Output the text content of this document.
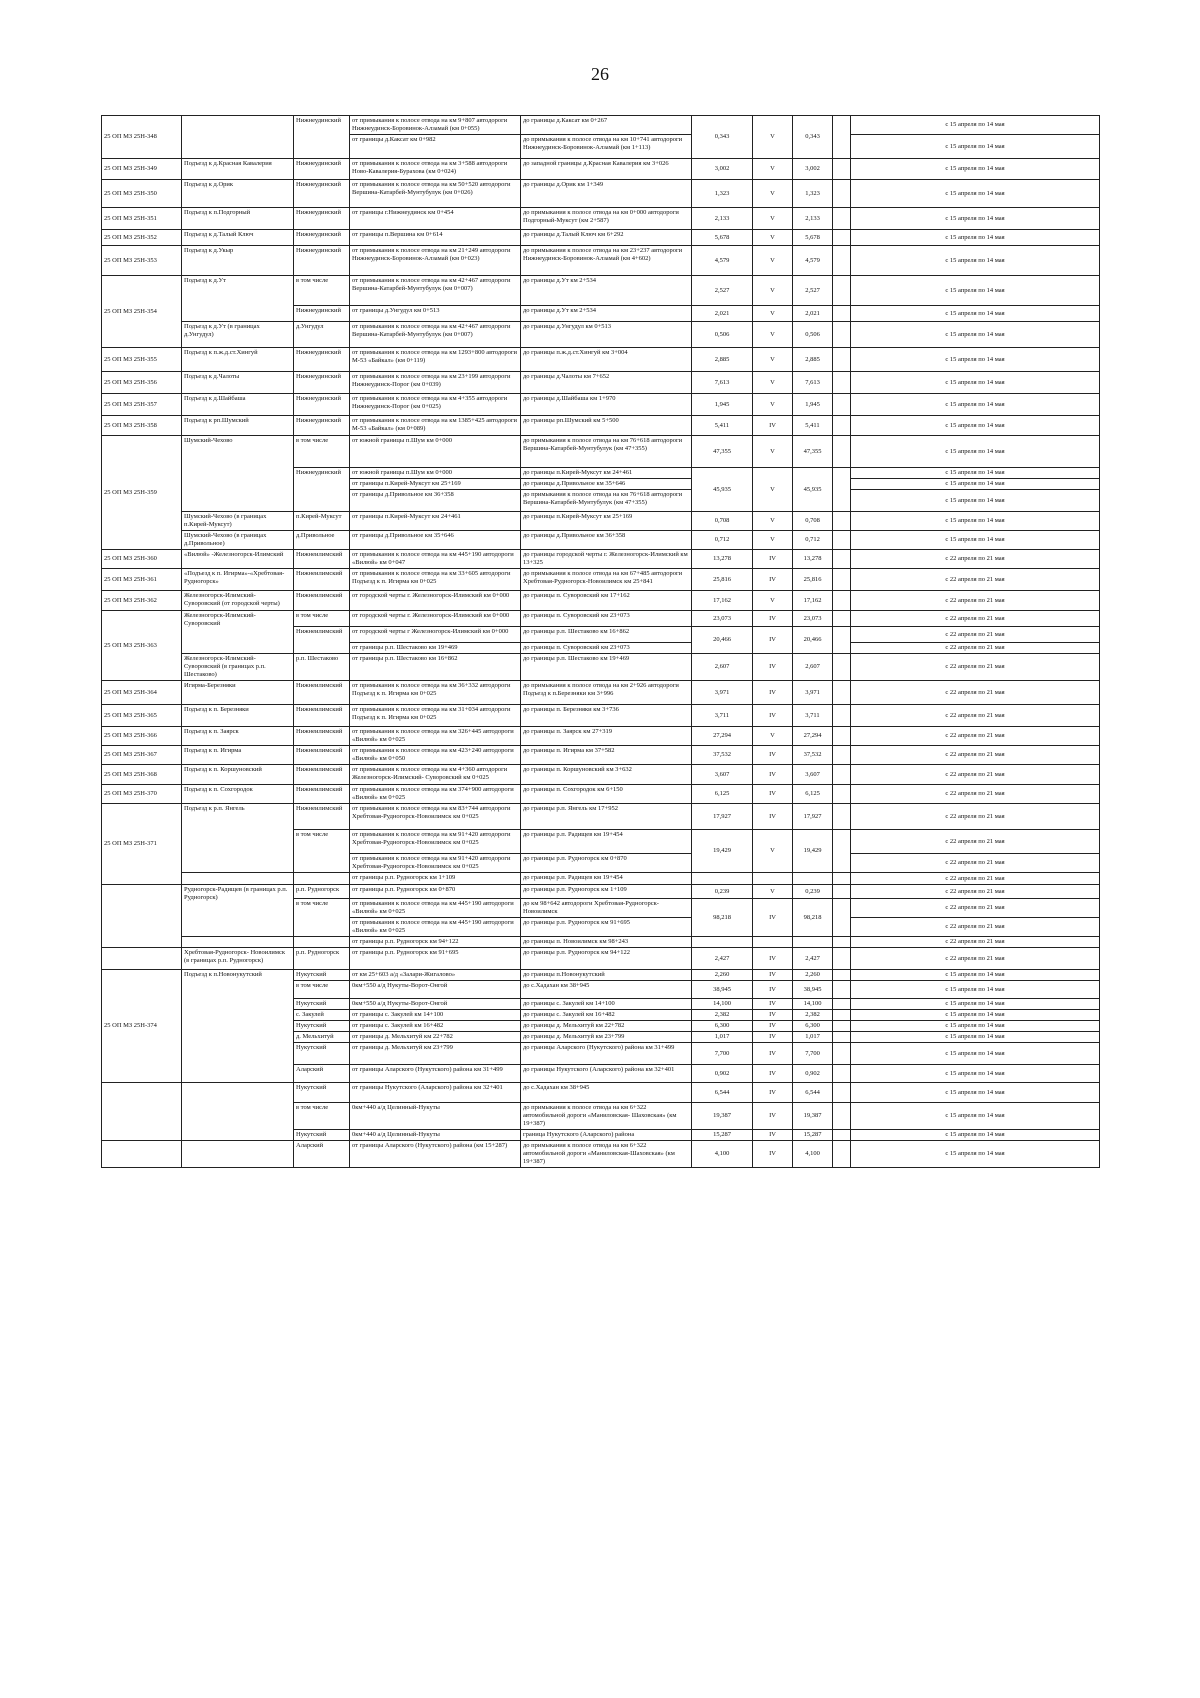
26
25 ОП МЗ 25Н-348		Нижнеудинский	от примыкания к полосе отвода на км 9+807 автодороги Нижнеудинск-Боровинок-Алзамай (км 0+055)	до границы д.Каксат км 0+267	0,343	V	0,343		с 15 апреля по 14 мая
			от границы д.Каксат км 0+982	до примыкания к полосе отвода на км 10+741 автодороги Нижнеудинск-Боровинок-Алзамай (км 1+113)					с 15 апреля по 14 мая
25 ОП МЗ 25Н-349	Подъезд к д.Красная Кавалерия	Нижнеудинский	от примыкания к полосе отвода на км 3+588 автодороги Ново-Кавалерия-Бурахова (км 0+024)	до западной границы д.Красная Кавалерия км 3+026	3,002	V	3,002		с 15 апреля по 14 мая
25 ОП МЗ 25Н-350	Подъезд к д.Орик	Нижнеудинский	от примыкания к полосе отвода на км 50+520 автодороги Вершина-Катарбей-Мунтубулук (км 0+026)	до границы д.Орик км 1+349	1,323	V	1,323		с 15 апреля по 14 мая
25 ОП МЗ 25Н-351	Подъезд к п.Подгорный	Нижнеудинский	от границы г.Нижнеудинск км 0+454	до примыкания к полосе отвода на км 0+000 автодороги Подгорный-Муксут (км 2+587)	2,133	V	2,133		с 15 апреля по 14 мая
25 ОП МЗ 25Н-352	Подъезд к д.Талый Ключ	Нижнеудинский	от границы п.Вершина км 0+614	до границы д.Талый Ключ км 6+292	5,678	V	5,678		с 15 апреля по 14 мая
25 ОП МЗ 25Н-353	Подъезд к д.Укыр	Нижнеудинский	от примыкания к полосе отвода на км 21+249 автодороги Нижнеудинск-Боровинок-Алзамай (км 0+023)	до примыкания к полосе отвода на км 23+237 автодороги Нижнеудинск-Боровинок-Алзамай (км 4+602)	4,579	V	4,579		с 15 апреля по 14 мая
25 ОП МЗ 25Н-354	Подъезд к д.Ут	в том числе	от примыкания к полосе отвода на км 42+467 автодороги Вершина-Катарбей-Мунтубулук (км 0+007)	до границы д.Ут км 2+534	2,527	V	2,527		с 15 апреля по 14 мая
		Нижнеудинский	от границы д.Унгудул км 0+513	до границы д.Ут км 2+534	2,021	V	2,021		с 15 апреля по 14 мая
	Подъезд к д.Ут (в границах д.Унгудул)	д.Унгудул	от примыкания к полосе отвода на км 42+467 автодороги Вершина-Катарбей-Мунтубулук (км 0+007)	до границы д.Унгудул км 0+513	0,506	V	0,506		с 15 апреля по 14 мая
25 ОП МЗ 25Н-355	Подъезд к п.ж.д.ст.Хингуй	Нижнеудинский	от примыкания к полосе отвода на км 1293+800 автодороги М-53 «Байкал» (км 0+119)	до границы п.ж.д.ст.Хингуй км 3+004	2,885	V	2,885		с 15 апреля по 14 мая
25 ОП МЗ 25Н-356	Подъезд к д.Чалоты	Нижнеудинский	от примыкания к полосе отвода на км 23+199 автодороги Нижнеудинск-Порог (км 0+039)	до границы д.Чалоты км 7+652	7,613	V	7,613		с 15 апреля по 14 мая
25 ОП МЗ 25Н-357	Подъезд к д.Шайбаша	Нижнеудинский	от примыкания к полосе отвода на км 4+355 автодороги Нижнеудинск-Порог (км 0+025)	до границы д.Шайбаша км 1+970	1,945	V	1,945		с 15 апреля по 14 мая
25 ОП МЗ 25Н-358	Подъезд к рп.Шумский	Нижнеудинский	от примыкания к полосе отвода на км 1385+425 автодороги М-53 «Байкал» (км 0+089)	до границы рп.Шумский км 5+500	5,411	IV	5,411		с 15 апреля по 14 мая
25 ОП МЗ 25Н-359	Шумский-Чехово	в том числе	от южной границы п.Шум км 0+000	до примыкания к полосе отвода на км 76+618 автодороги Вершина-Катарбей-Мунтубулук (км 47+355)	47,355	V	47,355		с 15 апреля по 14 мая
		Нижнеудинский	от южной границы п.Шум км 0+000	до границы п.Кирей-Муксут км 24+461	45,935	V	45,935		с 15 апреля по 14 мая
			от границы п.Кирей-Муксут км 25+169	до границы д.Привольное км 35+646					с 15 апреля по 14 мая
			от границы д.Привольное км 36+358	до примыкания к полосе отвода на км 76+618 автодороги Вершина-Катарбей-Мунтубулук (км 47+355)					с 15 апреля по 14 мая
	Шумский-Чехово (в границах п.Кирей-Муксут)	п.Кирей-Муксут	от границы п.Кирей-Муксут км 24+461	до границы п.Кирей-Муксут км 25+169	0,708	V	0,708		с 15 апреля по 14 мая
	Шумский-Чехово (в границах д.Привольное)	д.Привольное	от границы д.Привольное км 35+646	до границы д.Привольное км 36+358	0,712	V	0,712		с 15 апреля по 14 мая
25 ОП МЗ 25Н-360	«Вилюй» -Железногорск-Илимский	Нижнеилимский	от примыкания к полосе отвода на км 445+190 автодороги «Вилюй» км 0+047	до границы городской черты г. Железногорск-Илимский км 13+325	13,278	IV	13,278		с 22 апреля по 21 мая
25 ОП МЗ 25Н-361	«Подъезд к п. Игирма»-«Хребтовая-Рудногорск»	Нижнеилимский	от примыкания к полосе отвода на км 33+605 автодороги Подъезд к п. Игирма км 0+025	до примыкания к полосе отвода на км 67+485 автодороги Хребтовая-Рудногорск-Новоилимск км 25+841	25,816	IV	25,816		с 22 апреля по 21 мая
25 ОП МЗ 25Н-362	Железногорск-Илимский-Суворовский (от городской черты)	Нижнеилимский	от городской черты г. Железногорск-Илимский км 0+000	до границы п. Суворовский км 17+162	17,162	V	17,162		с 22 апреля по 21 мая
25 ОП МЗ 25Н-363	Железногорск-Илимский-Суворовский	в том числе	от городской черты г. Железногорск-Илимский км 0+000	до границы п. Суворовский км 23+073	23,073	IV	23,073		с 22 апреля по 21 мая
		Нижнеилимский	от городской черты г Железногорск-Илимский км 0+000	до границы р.п. Шестаково км 16+862	20,466	IV	20,466		с 22 апреля по 21 мая
			от границы р.п. Шестаково км 19+469	до границы п. Суворовский км 23+073					с 22 апреля по 21 мая
	Железногорск-Илимский-Суворовский (в границах р.п. Шестаково)	р.п. Шестаково	от границы р.п. Шестаково км 16+862	до границы р.п. Шестаково км 19+469	2,607	IV	2,607		с 22 апреля по 21 мая
25 ОП МЗ 25Н-364	Игирма-Березняки	Нижнеилимский	от примыкания к полосе отвода на км 36+332 автодороги Подъезд к п. Игирма км 0+025	до примыкания к полосе отвода на км 2+926 автодороги Подъезд к п.Березняки км 3+996	3,971	IV	3,971		с 22 апреля по 21 мая
25 ОП МЗ 25Н-365	Подъезд к п. Березняки	Нижнеилимский	от примыкания к полосе отвода на км 31+034 автодороги Подъезд к п. Игирма км 0+025	до границы п. Березняки км 3+736	3,711	IV	3,711		с 22 апреля по 21 мая
25 ОП МЗ 25Н-366	Подъезд к п. Заярск	Нижнеилимский	от примыкания к полосе отвода на км 326+445 автодороги «Вилюй» км 0+025	до границы п. Заярск км 27+319	27,294	V	27,294		с 22 апреля по 21 мая
25 ОП МЗ 25Н-367	Подъезд к п. Игирма	Нижнеилимский	от примыкания к полосе отвода на км 423+240 автодороги «Вилюй» км 0+050	до границы п. Игирма км 37+582	37,532	IV	37,532		с 22 апреля по 21 мая
25 ОП МЗ 25Н-368	Подъезд к п. Коршуновский	Нижнеилимский	от примыкания к полосе отвода на км 4+360 автодороги Железногорск-Илимский- Суворовский км 0+025	до границы п. Коршуновский км 3+632	3,607	IV	3,607		с 22 апреля по 21 мая
25 ОП МЗ 25Н-370	Подъезд к п. Сохгородок	Нижнеилимский	от примыкания к полосе отвода на км 374+900 автодороги «Вилюй» км 0+025	до границы п. Сохгородок км 6+150	6,125	IV	6,125		с 22 апреля по 21 мая
25 ОП МЗ 25Н-371	Подъезд к р.п. Янгель	Нижнеилимский	от примыкания к полосе отвода на км 83+744 автодороги Хребтовая-Рудногорск-Новоилимск км 0+025	до границы р.п. Янгель км 17+952	17,927	IV	17,927		с 22 апреля по 21 мая
		в том числе	от примыкания к полосе отвода на км 91+420 автодороги Хребтовая-Рудногорск-Новоилимск км 0+025	до границы р.п. Радищев км 19+454	19,429	V	19,429		с 22 апреля по 21 мая
			от примыкания к полосе отвода на км 91+420 автодороги Хребтовая-Рудногорск-Новоилимск км 0+025	до границы р.п. Рудногорск км 0+870					с 22 апреля по 21 мая
			от границы р.п. Рудногорск км 1+109	до границы р.п. Радищев км 19+454					с 22 апреля по 21 мая
	Рудногорск-Радищев (в границах р.п. Рудногорск)	р.п. Рудногорск	от границы р.п. Рудногорск км 0+870	до границы р.п. Рудногорск км 1+109	0,239	V	0,239		с 22 апреля по 21 мая
		в том числе	от примыкания к полосе отвода на км 445+190 автодороги «Вилюй» км 0+025	до км 98+642 автодороги Хребтовая-Рудногорск-Новоилимск	98,218	IV	98,218		с 22 апреля по 21 мая
			от примыкания к полосе отвода на км 445+190 автодороги «Вилюй» км 0+025	до границы р.п. Рудногорск км 91+695					с 22 апреля по 21 мая
			от границы р.п. Рудногорск км 94+122	до границы п. Новоилимск км 98+243					с 22 апреля по 21 мая
	Хребтовая-Рудногорск- Новоилимск (в границах р.п. Рудногорск)	р.п. Рудногорск	от границы р.п. Рудногорск км 91+695	до границы р.п. Рудногорск км 94+122	2,427	IV	2,427		с 22 апреля по 21 мая
25 ОП МЗ 25Н-374	Подъезд к п.Новонукутский	Нукутский	от км 25+603 а/д «Залари-Жигалово»	до границы п.Новонукутский	2,260	IV	2,260		с 15 апреля по 14 мая
		в том числе	0км+550 а/д Нукуты-Ворот-Онгой	до с.Хадахан км 38+945	38,945	IV	38,945		с 15 апреля по 14 мая
		Нукутский	0км+550 а/д Нукуты-Ворот-Онгой	до границы с. Закулей км 14+100	14,100	IV	14,100		с 15 апреля по 14 мая
		с. Закулей	от границы с. Закулей км 14+100	до границы с. Закулей км 16+482	2,382	IV	2,382		с 15 апреля по 14 мая
		Нукутский	от границы с. Закулей км 16+482	до границы д. Мельхитуй км 22+782	6,300	IV	6,300		с 15 апреля по 14 мая
		д. Мельхитуй	от границы д. Мельхитуй км 22+782	до границы д. Мельхитуй км 23+799	1,017	IV	1,017		с 15 апреля по 14 мая
		Нукутский	от границы д. Мельхитуй км 23+799	до границы Аларского (Нукутского) района км 31+499	7,700	IV	7,700		с 15 апреля по 14 мая
		Аларский	от границы Аларского (Нукутского) района км 31+499	до границы Нукутского (Аларского) района км 32+401	0,902	IV	0,902		с 15 апреля по 14 мая
		Нукутский	от границы Нукутского (Аларского) района км 32+401	до с.Хадахан км 38+945	6,544	IV	6,544		с 15 апреля по 14 мая
		в том числе	0км+440 а/д Целинный-Нукуты	до примыкания к полосе отвода на км 6+322 автомобильной дороги «Маниловская- Шаховская» (км 19+387)	19,387	IV	19,387		с 15 апреля по 14 мая
		Нукутский	0км+440 а/д Целинный-Нукуты	граница Нукутского (Аларского) района	15,287	IV	15,287		с 15 апреля по 14 мая
		Аларский	от границы Аларского (Нукутского) района (км 15+287)	до примыкания к полосе отвода на км 6+322 автомобильной дороги «Маниловская-Шаховская» (км 19+387)	4,100	IV	4,100		с 15 апреля по 14 мая
